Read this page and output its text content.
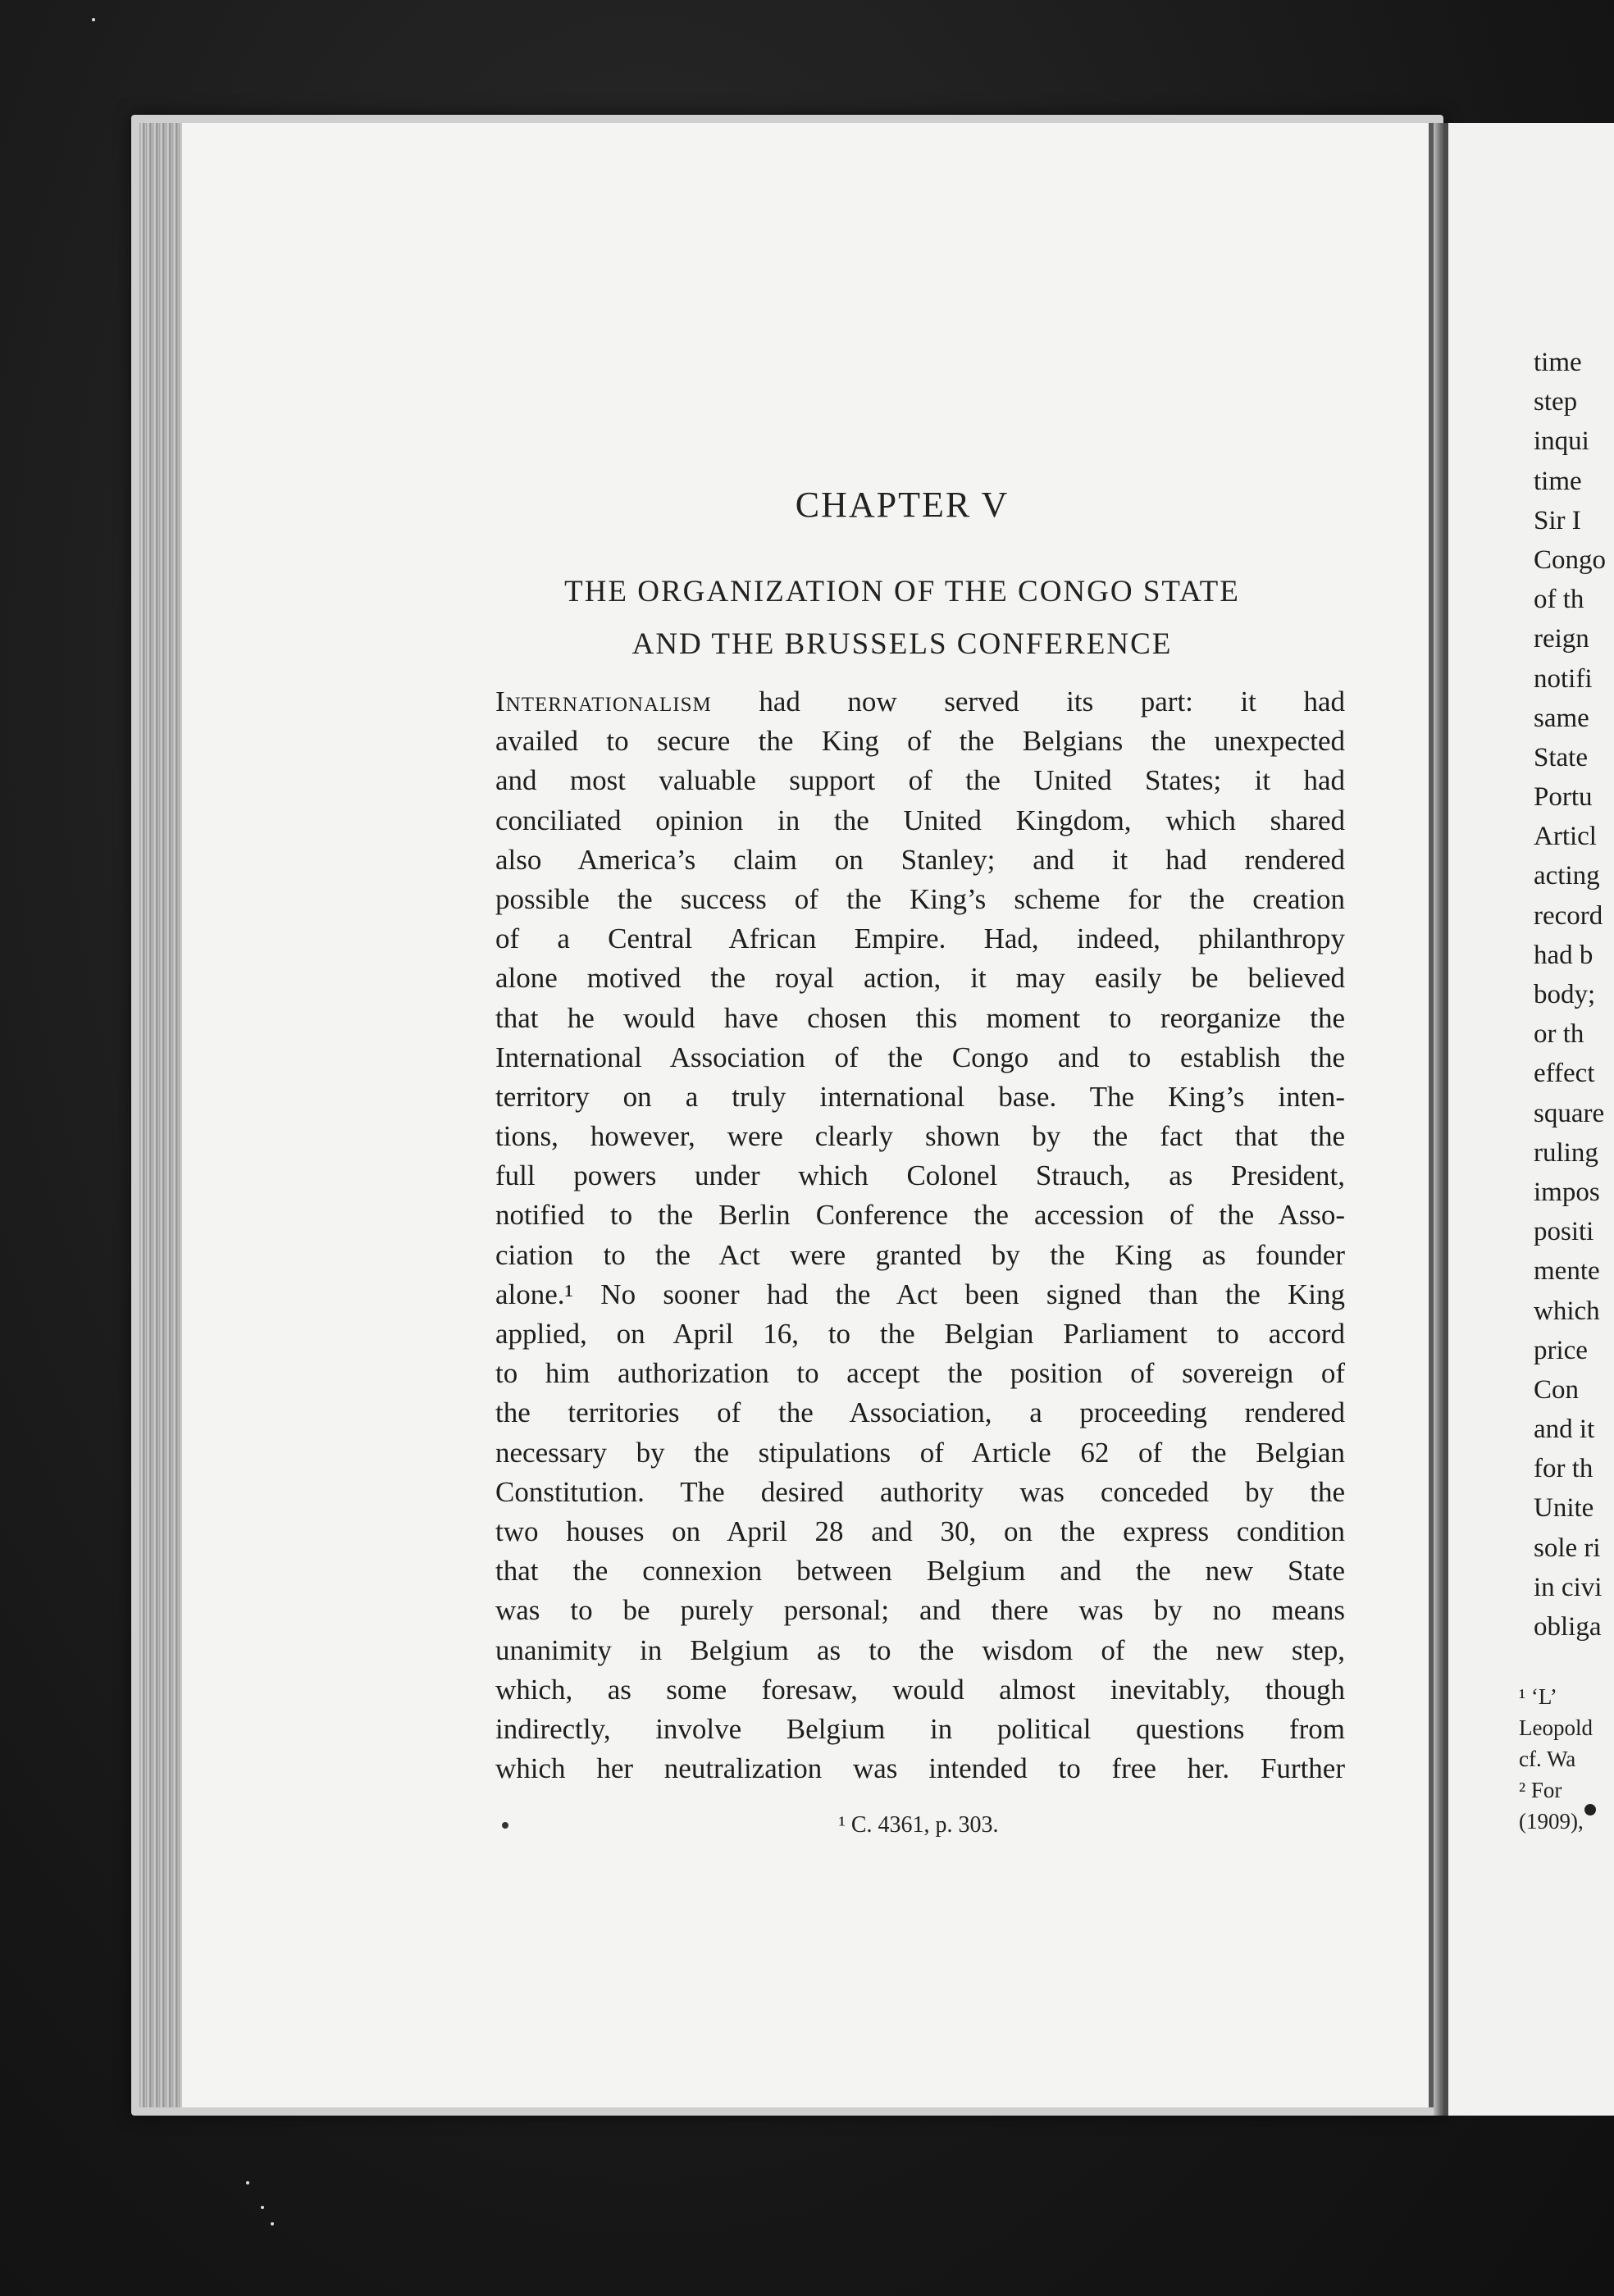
CHAPTER V
THE ORGANIZATION OF THE CONGO STATE
AND THE BRUSSELS CONFERENCE
Internationalism had now served its part: it had
availed to secure the King of the Belgians the unexpected
and most valuable support of the United States; it had
conciliated opinion in the United Kingdom, which shared
also America’s claim on Stanley; and it had rendered
possible the success of the King’s scheme for the creation
of a Central African Empire. Had, indeed, philanthropy
alone motived the royal action, it may easily be believed
that he would have chosen this moment to reorganize the
International Association of the Congo and to establish the
territory on a truly international base. The King’s inten-
tions, however, were clearly shown by the fact that the
full powers under which Colonel Strauch, as President,
notified to the Berlin Conference the accession of the Asso-
ciation to the Act were granted by the King as founder
alone.¹ No sooner had the Act been signed than the King
applied, on April 16, to the Belgian Parliament to accord
to him authorization to accept the position of sovereign of
the territories of the Association, a proceeding rendered
necessary by the stipulations of Article 62 of the Belgian
Constitution. The desired authority was conceded by the
two houses on April 28 and 30, on the express condition
that the connexion between Belgium and the new State
was to be purely personal; and there was by no means
unanimity in Belgium as to the wisdom of the new step,
which, as some foresaw, would almost inevitably, though
indirectly, involve Belgium in political questions from
which her neutralization was intended to free her. Further
¹ C. 4361, p. 303.
time
step
inqui
time
Sir I
Congo
of th
reign
notifi
same
State
Portu
Articl
acting
record
had b
body;
or th
effect
square
ruling
impos
positi
mente
which
price
Con
and it
for th
Unite
sole ri
in civi
obliga
¹ ‘L’
Leopold
cf. Wa
² For
(1909),
